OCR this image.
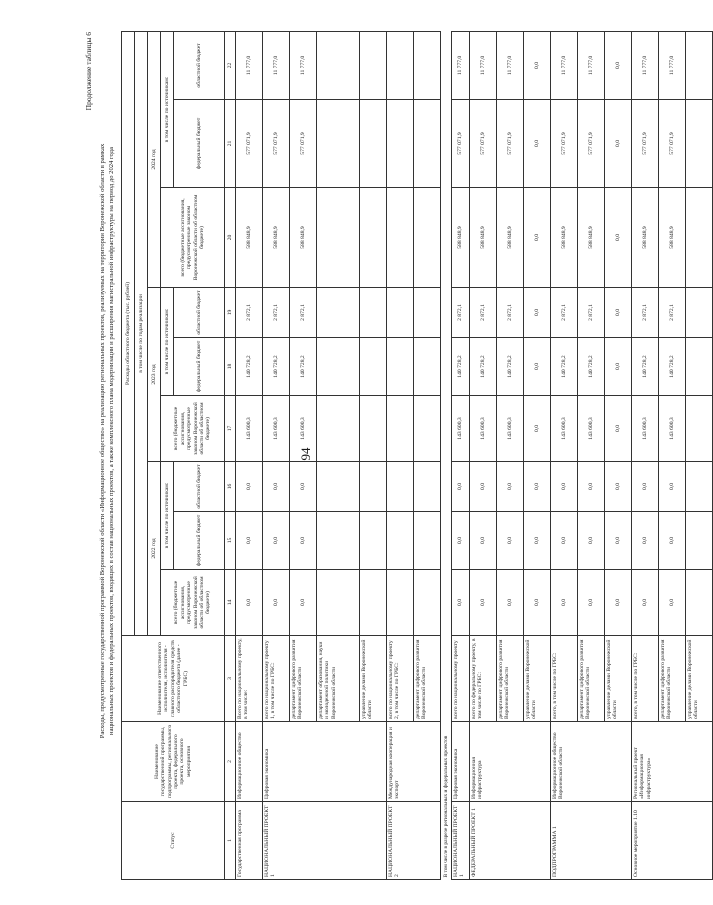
94
Продолжение таблицы 6
Расходы, предусмотренные государственной программой Воронежской области «Информационное общество» на реализацию региональных проектов, реализуемых на территории Воронежской области в рамках национальных проектов и федеральных проектов, входящих в состав национальных проектов, а также комплексного плана модернизации и расширения магистральной инфраструктуры на период до 2024 года
Статус	Наименование государственной программы, подпрограммы, регионального проекта, федерального проекта, основного мероприятия	Наименование ответственного исполнителя, исполнителя - главного распорядителя средств областного бюджета (далее - ГРБС)	Расходы областного бюджета (тыс. рублей)								
			в том числе по годам реализации								
			2022 год			2023 год			2024 год		
			всего (бюджетные ассигнования, предусмотренные законом Воронежской области об областном бюджете)	в том числе по источникам:		всего (бюджетные ассигнования, предусмотренные законом Воронежской области об областном бюджете)	в том числе по источникам:		всего (бюджетные ассигнования, предусмотренные законом Воронежской области об областном бюджете)	в том числе по источникам:	
				федеральный бюджет	областной бюджет		федеральный бюджет	областной бюджет		федеральный бюджет	областной бюджет
1	2	3	14	15	16	17	18	19	20	21	22
Государственная программа	Информационное общество	Всего по национальному проекту, в том числе:	0,0	0,0	0,0	143 600,3	140 728,2	2 872,1	588 848,9	577 071,9	11 777,0
НАЦИОНАЛЬНЫЙ ПРОЕКТ 1	Цифровая экономика	всего по национальному проекту 1, в том числе по ГРБС:	0,0	0,0	0,0	143 600,3	140 728,2	2 872,1	588 848,9	577 071,9	11 777,0
		департамент цифрового развития Воронежской области	0,0	0,0	0,0	143 600,3	140 728,2	2 872,1	588 848,9	577 071,9	11 777,0
		департамент образования, науки и молодежной политики Воронежской области									
		управление делами Воронежской области									
НАЦИОНАЛЬНЫЙ ПРОЕКТ 2	Международная кооперация и экспорт	всего по национальному проекту 2, в том числе по ГРБС:									
		департамент цифрового развития Воронежской области									
В том числе в разрезе региональных и федеральных проектов											
НАЦИОНАЛЬНЫЙ ПРОЕКТ 1	Цифровая экономика	всего по национальному проекту	0,0	0,0	0,0	143 600,3	140 728,2	2 872,1	588 848,9	577 071,9	11 777,0
ФЕДЕРАЛЬНЫЙ ПРОЕКТ 1	Информационная инфраструктура	всего по федеральному проекту, в том числе по ГРБС:	0,0	0,0	0,0	143 600,3	140 728,2	2 872,1	588 848,9	577 071,9	11 777,0
		департамент цифрового развития Воронежской области	0,0	0,0	0,0	143 600,3	140 728,2	2 872,1	588 848,9	577 071,9	11 777,0
		управление делами Воронежской области	0,0	0,0	0,0	0,0	0,0	0,0	0,0	0,0	0,0
ПОДПРОГРАММА 1	Информационное общество Воронежской области	всего, в том числе по ГРБС:	0,0	0,0	0,0	143 600,3	140 728,2	2 872,1	588 848,9	577 071,9	11 777,0
		департамент цифрового развития Воронежской области	0,0	0,0	0,0	143 600,3	140 728,2	2 872,1	588 848,9	577 071,9	11 777,0
		управление делами Воронежской области	0,0	0,0	0,0	0,0	0,0	0,0	0,0	0,0	0,0
Основное мероприятие 1.10	Региональный проект «Информационная инфраструктура»	всего, в том числе по ГРБС:	0,0	0,0	0,0	143 600,3	140 728,2	2 872,1	588 848,9	577 071,9	11 777,0
		департамент цифрового развития Воронежской области	0,0	0,0	0,0	143 600,3	140 728,2	2 872,1	588 848,9	577 071,9	11 777,0
		управление делами Воронежской области									
